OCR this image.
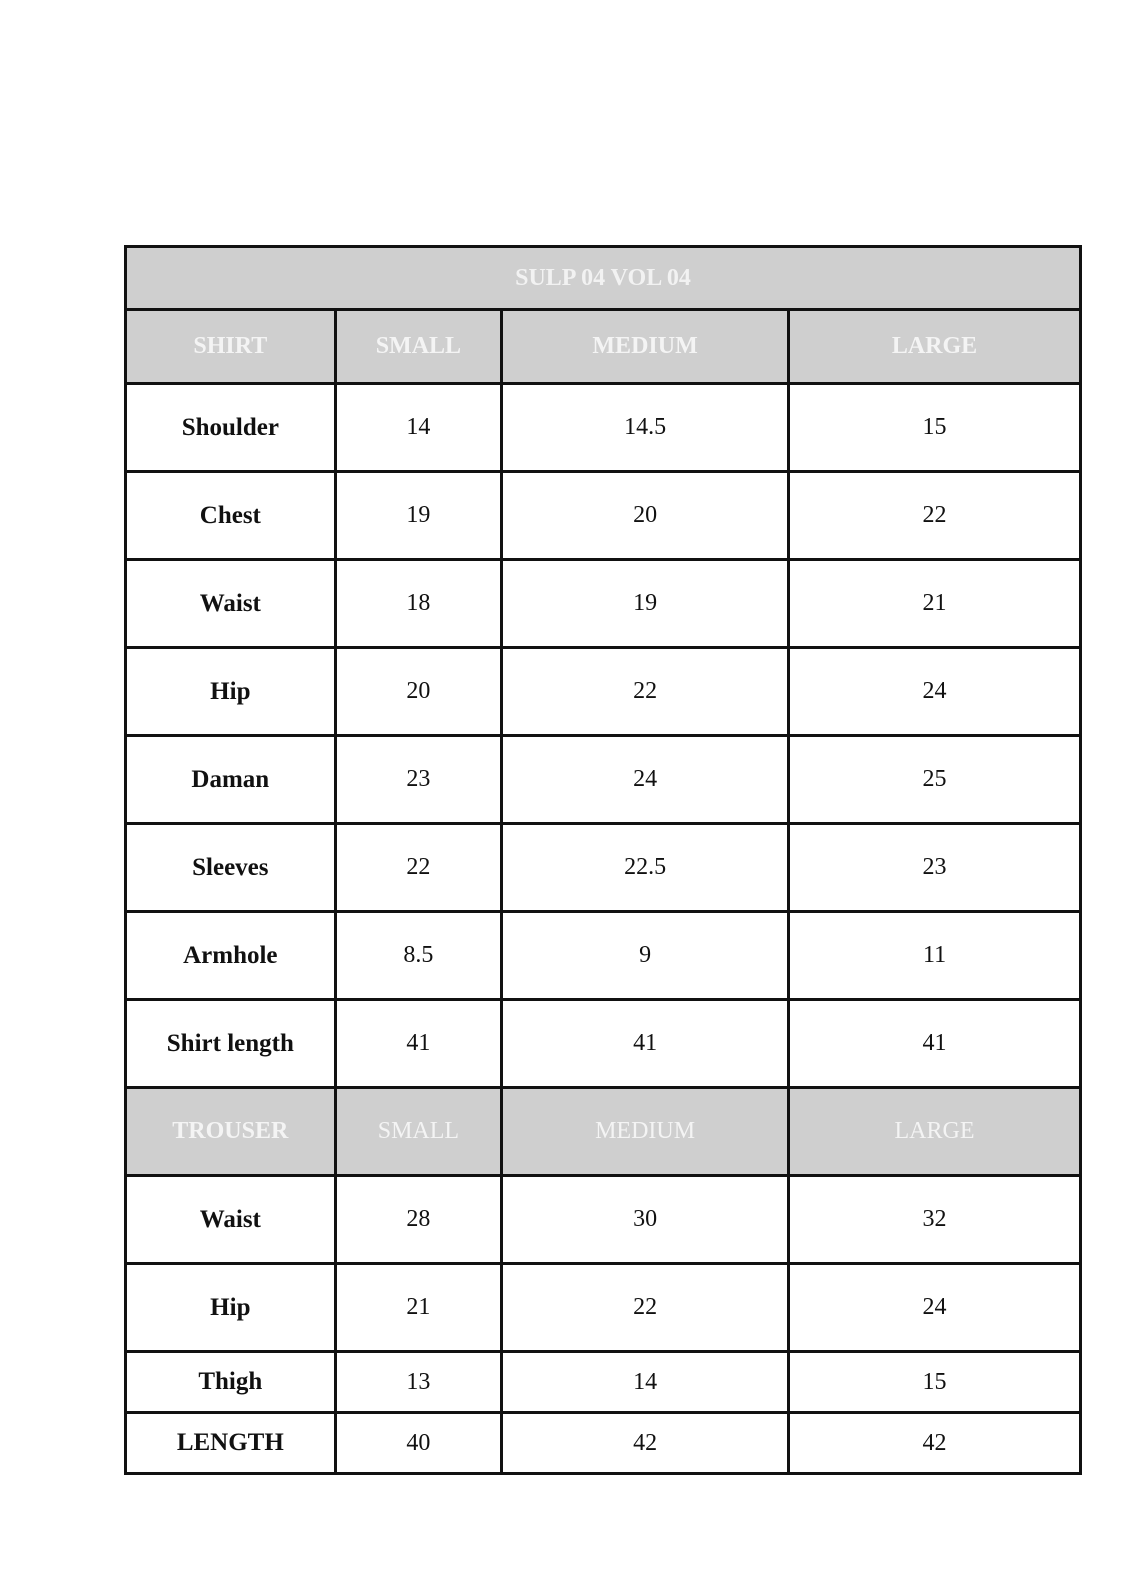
SULP 04 VOL 04			
SHIRT	SMALL	MEDIUM	LARGE
Shoulder	14	14.5	15
Chest	19	20	22
Waist	18	19	21
Hip	20	22	24
Daman	23	24	25
Sleeves	22	22.5	23
Armhole	8.5	9	11
Shirt length	41	41	41
TROUSER	SMALL	MEDIUM	LARGE
Waist	28	30	32
Hip	21	22	24
Thigh	13	14	15
LENGTH	40	42	42
